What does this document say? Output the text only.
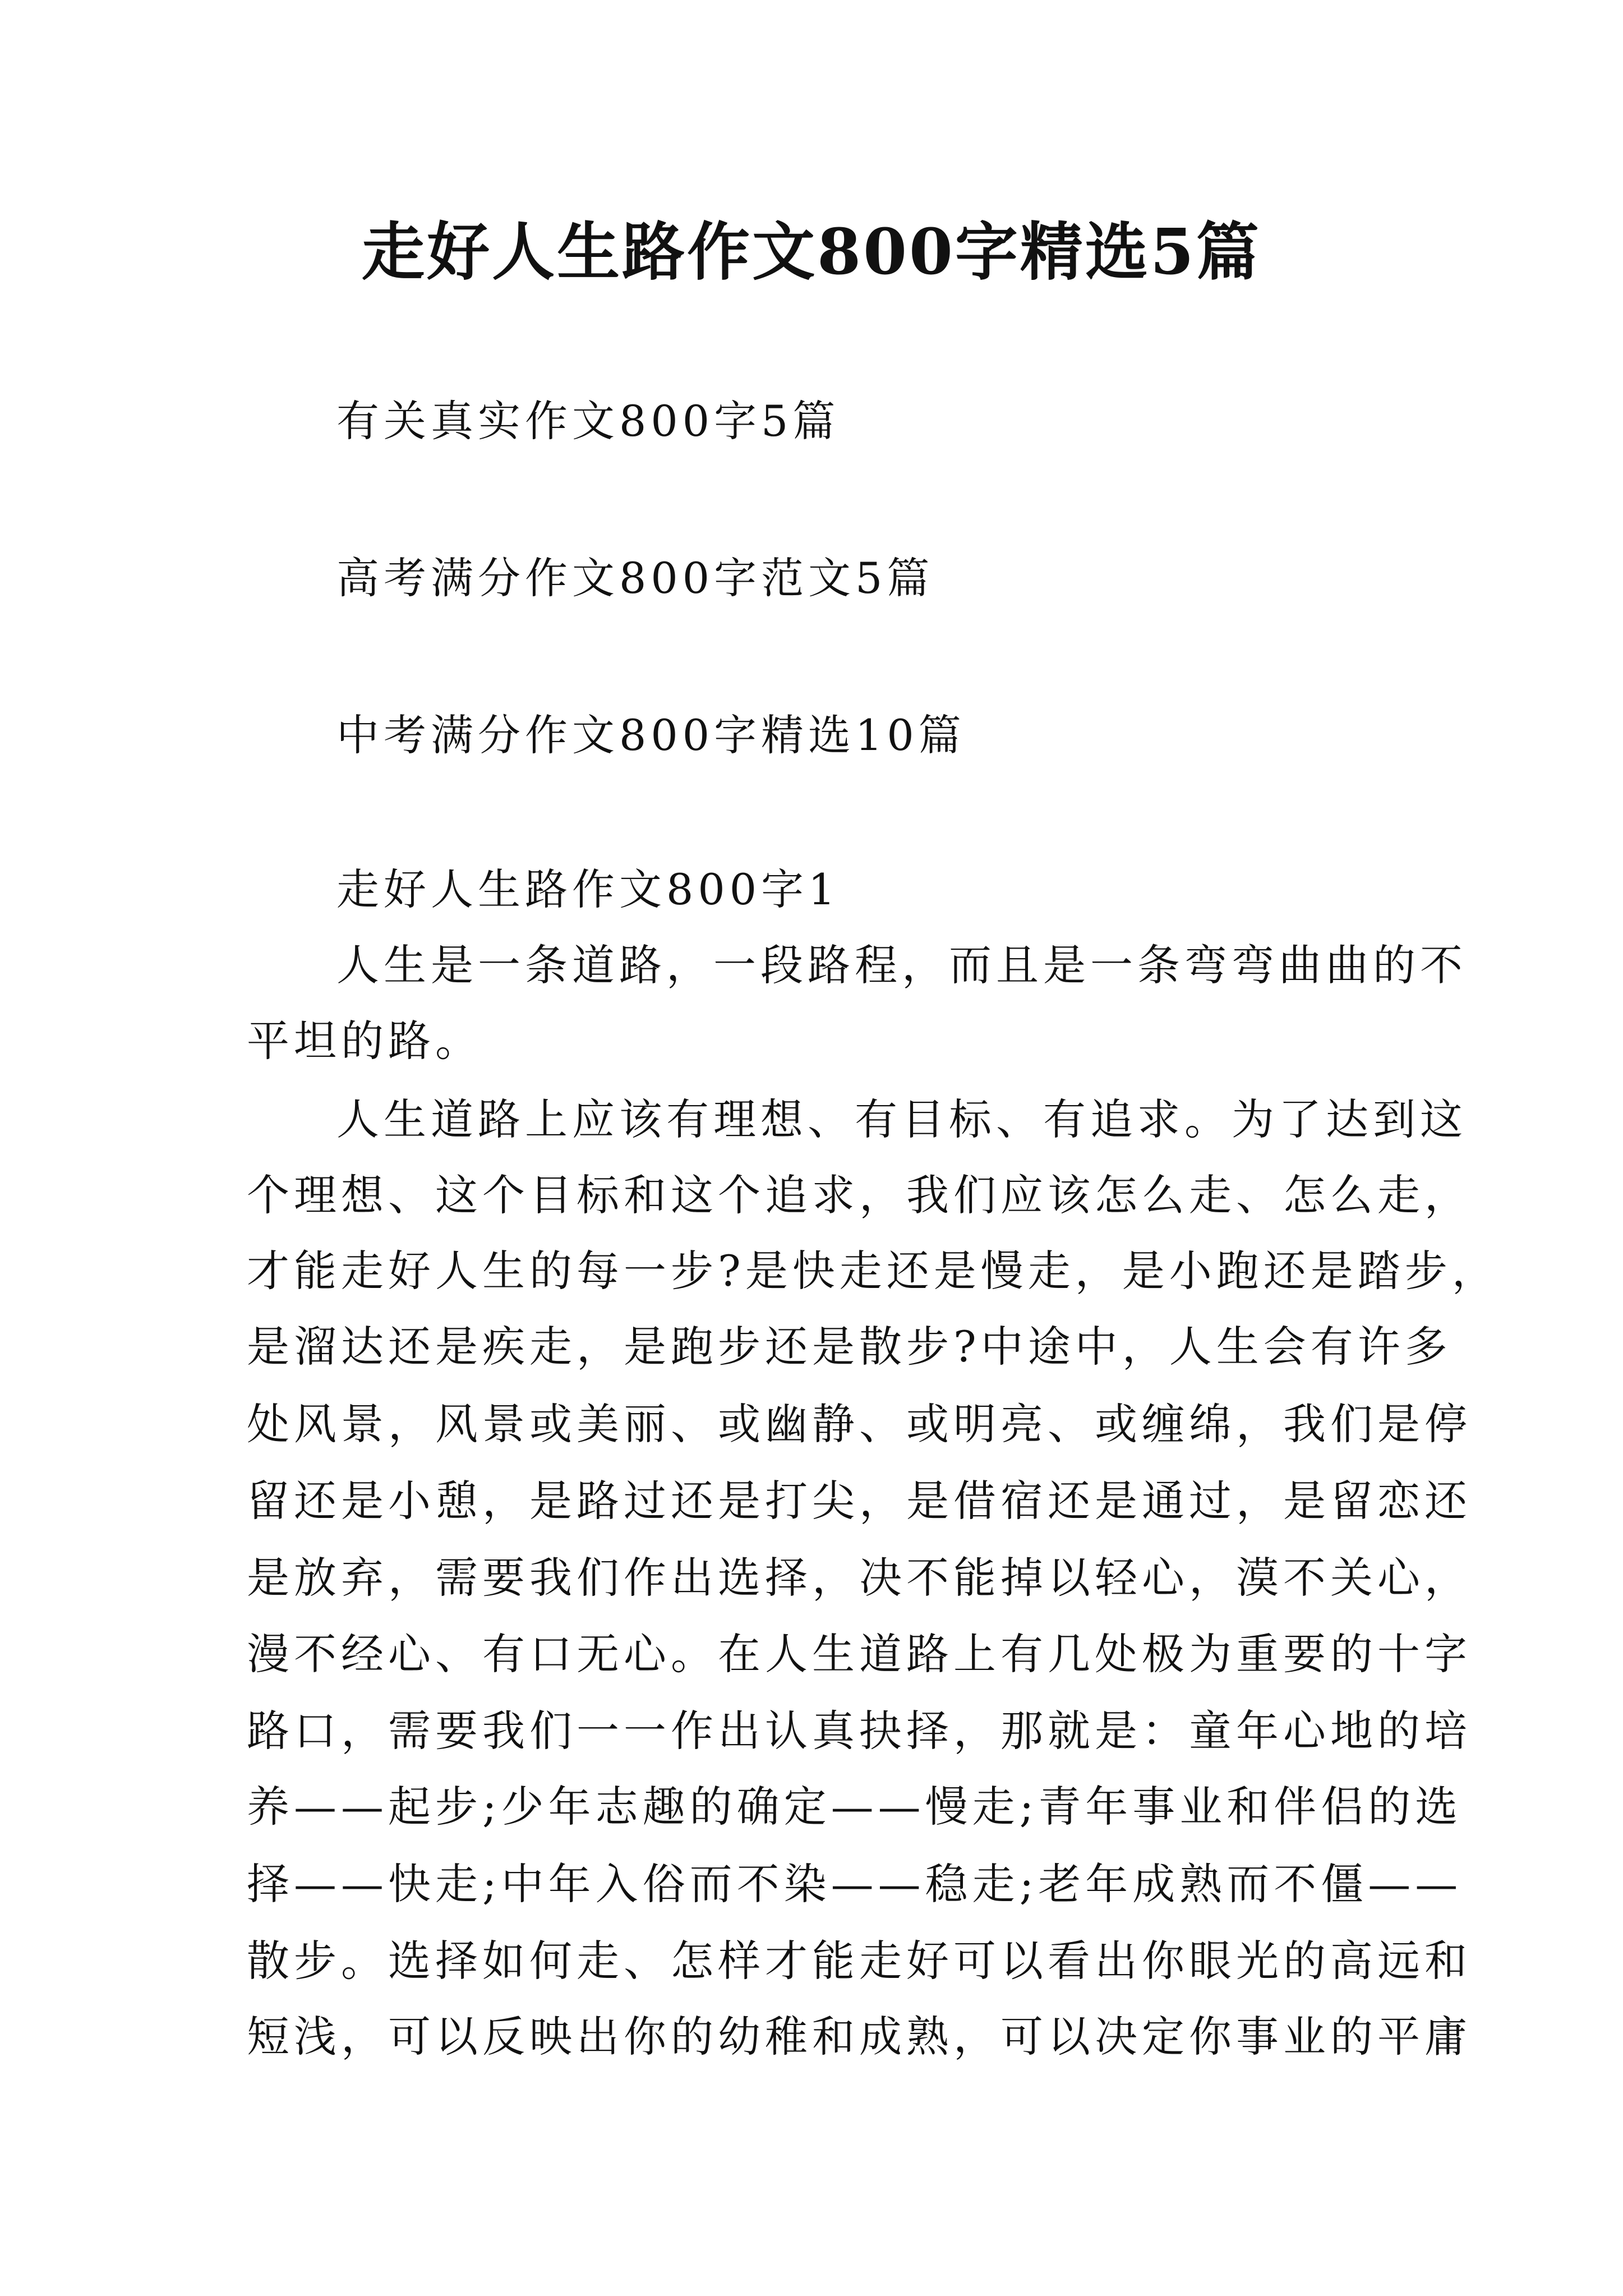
走好人生路作文800字精选5篇
有关真实作文800字5篇
高考满分作文800字范文5篇
中考满分作文800字精选10篇
走好人生路作文800字1
人生是一条道路，一段路程，而且是一条弯弯曲曲的不
平坦的路。
人生道路上应该有理想、有目标、有追求。为了达到这
个理想、这个目标和这个追求，我们应该怎么走、怎么走，
才能走好人生的每一步?是快走还是慢走，是小跑还是踏步，
是溜达还是疾走，是跑步还是散步?中途中，人生会有许多
处风景，风景或美丽、或幽静、或明亮、或缠绵，我们是停
留还是小憩，是路过还是打尖，是借宿还是通过，是留恋还
是放弃，需要我们作出选择，决不能掉以轻心，漠不关心，
漫不经心、有口无心。在人生道路上有几处极为重要的十字
路口，需要我们一一作出认真抉择，那就是：童年心地的培
养——起步;少年志趣的确定——慢走;青年事业和伴侣的选
择——快走;中年入俗而不染——稳走;老年成熟而不僵——
散步。选择如何走、怎样才能走好可以看出你眼光的高远和
短浅，可以反映出你的幼稚和成熟，可以决定你事业的平庸
